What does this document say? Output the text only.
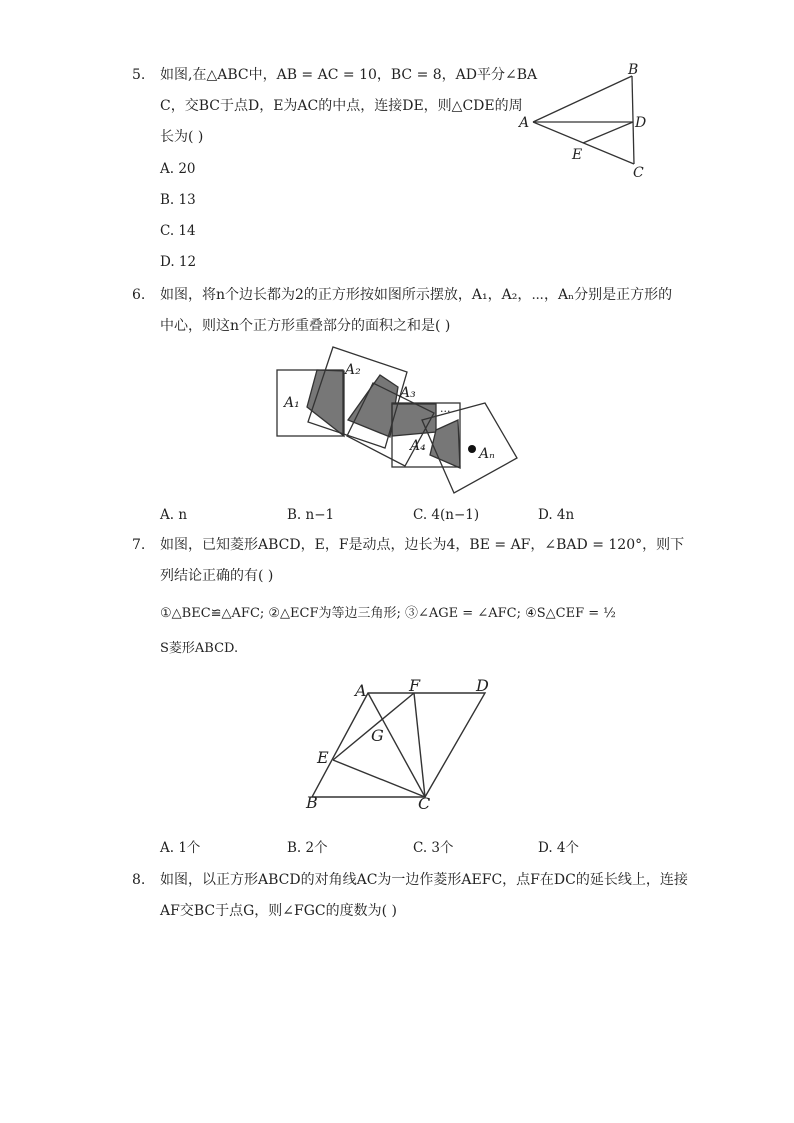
5.	如图,在△ABC中，AB = AC = 10，BC = 8，AD平分∠BA
C，交BC于点D，E为AC的中点，连接DE，则△CDE的周
长为( )
A. 20
B. 13
C. 14
D. 12
A
B
C
D
E
6.	如图，将n个边长都为2的正方形按如图所示摆放，A₁，A₂，⋯，Aₙ分别是正方形的
中心，则这n个正方形重叠部分的面积之和是( )
A₁
A₂
A₃
A₄	Aₙ
···
A. n	B. n−1	C. 4(n−1)	D. 4n
7.	如图，已知菱形ABCD，E，F是动点，边长为4，BE = AF，∠BAD = 120°，则下
列结论正确的有( )
①△BEC≌△AFC; ②△ECF为等边三角形; ③∠AGE = ∠AFC; ④S△CEF = ½
S菱形ABCD.
A	F	D
G
E
B	C
A. 1个	B. 2个	C. 3个	D. 4个
8.	如图，以正方形ABCD的对角线AC为一边作菱形AEFC，点F在DC的延长线上，连接
AF交BC于点G，则∠FGC的度数为( )
